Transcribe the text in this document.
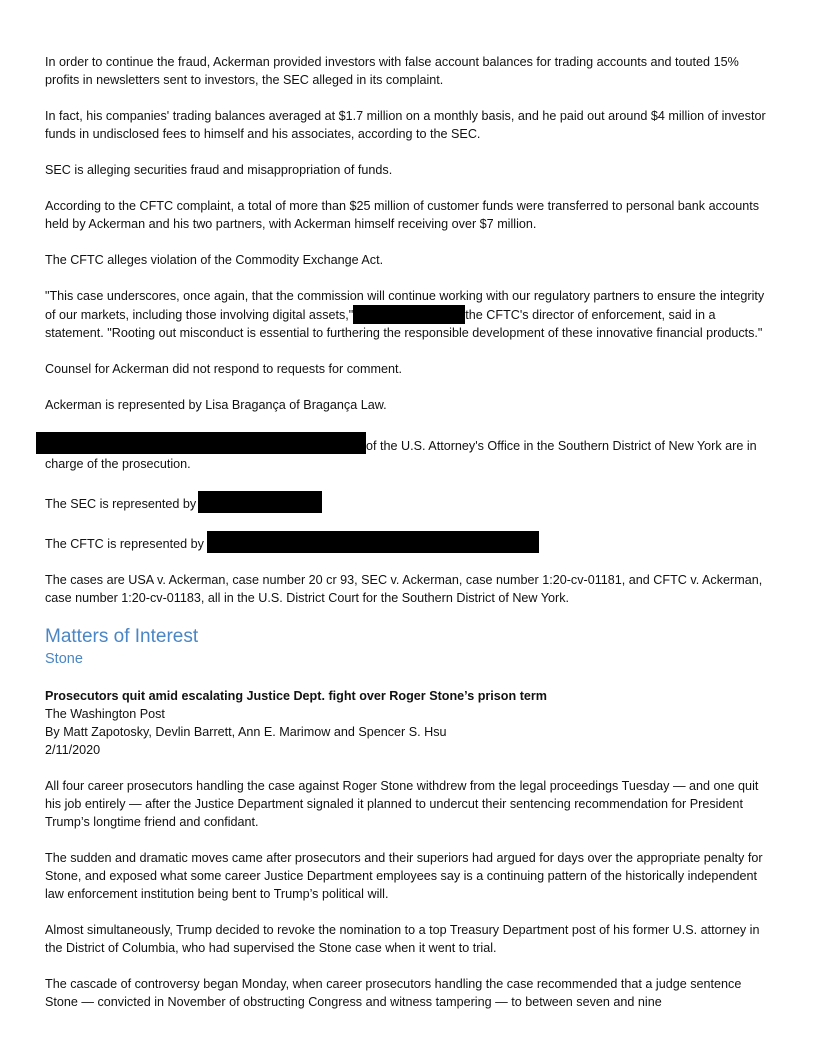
In order to continue the fraud, Ackerman provided investors with false account balances for trading accounts and touted 15% profits in newsletters sent to investors, the SEC alleged in its complaint.

In fact, his companies' trading balances averaged at $1.7 million on a monthly basis, and he paid out around $4 million of investor funds in undisclosed fees to himself and his associates, according to the SEC.

SEC is alleging securities fraud and misappropriation of funds.

According to the CFTC complaint, a total of more than $25 million of customer funds were transferred to personal bank accounts held by Ackerman and his two partners, with Ackerman himself receiving over $7 million.

The CFTC alleges violation of the Commodity Exchange Act.

"This case underscores, once again, that the commission will continue working with our regulatory partners to ensure the integrity of our markets, including those involving digital assets,"	the CFTC's director of enforcement, said in a statement. "Rooting out misconduct is essential to furthering the responsible development of these innovative financial products."

Counsel for Ackerman did not respond to requests for comment.

Ackerman is represented by Lisa Bragança of Bragança Law.

of the U.S. Attorney's Office in the Southern District of New York are in charge of the prosecution.

The SEC is represented by

The CFTC is represented by

The cases are USA v. Ackerman, case number 20 cr 93, SEC v. Ackerman, case number 1:20-cv-01181, and CFTC v. Ackerman, case number 1:20-cv-01183, all in the U.S. District Court for the Southern District of New York.

Matters of Interest
Stone
Prosecutors quit amid escalating Justice Dept. fight over Roger Stone’s prison term
The Washington Post
By Matt Zapotosky, Devlin Barrett, Ann E. Marimow and Spencer S. Hsu
2/11/2020

All four career prosecutors handling the case against Roger Stone withdrew from the legal proceedings Tuesday — and one quit his job entirely — after the Justice Department signaled it planned to undercut their sentencing recommendation for President Trump’s longtime friend and confidant.

The sudden and dramatic moves came after prosecutors and their superiors had argued for days over the appropriate penalty for Stone, and exposed what some career Justice Department employees say is a continuing pattern of the historically independent law enforcement institution being bent to Trump’s political will.

Almost simultaneously, Trump decided to revoke the nomination to a top Treasury Department post of his former U.S. attorney in the District of Columbia, who had supervised the Stone case when it went to trial.

The cascade of controversy began Monday, when career prosecutors handling the case recommended that a judge sentence Stone — convicted in November of obstructing Congress and witness tampering — to between seven and nine
